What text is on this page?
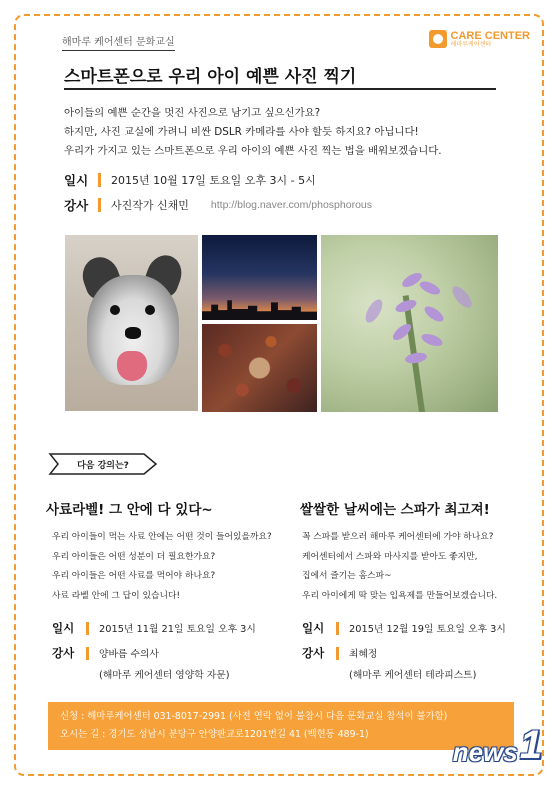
해마루 케어센터 문화교실
CARE CENTER
해마루케어센터
스마트폰으로 우리 아이 예쁜 사진 찍기
아이들의 예쁜 순간을 멋진 사진으로 남기고 싶으신가요?
하지만, 사진 교실에 가려니 비싼 DSLR 카메라를 사야 할듯 하지요? 아닙니다!
우리가 가지고 있는 스마트폰으로 우리 아이의 예쁜 사진 찍는 법을 배워보겠습니다.
일시	2015년 10월 17일 토요일 오후 3시 - 5시
강사	사진작가 신채민 http://blog.naver.com/phosphorous
다음 강의는?
사료라벨! 그 안에 다 있다~
우리 아이들이 먹는 사료 안에는 어떤 것이 들어있을까요?
우리 아이들은 어떤 성분이 더 필요한가요?
우리 아이들은 어떤 사료를 먹어야 하나요?
사료 라벨 안에 그 답이 있습니다!
일시	2015년 11월 21일 토요일 오후 3시
강사	양바름 수의사
(해마루 케어센터 영양학 자문)
쌀쌀한 날씨에는 스파가 최고져!
꼭 스파를 받으러 해마루 케어센터에 가야 하나요?
케어센터에서 스파와 마사지를 받아도 좋지만,
집에서 즐기는 홈스파~
우리 아이에게 딱 맞는 입욕제를 만들어보겠습니다.
일시	2015년 12월 19일 토요일 오후 3시
강사	최혜정
(해마루 케어센터 테라피스트)
신청 : 해마루케어센터 031-8017-2991 (사전 연락 없이 불참시 다음 문화교실 참석이 불가함)
오시는 길 : 경기도 성남시 분당구 안양판교로1201번길 41 (백현동 489-1)
news 1
